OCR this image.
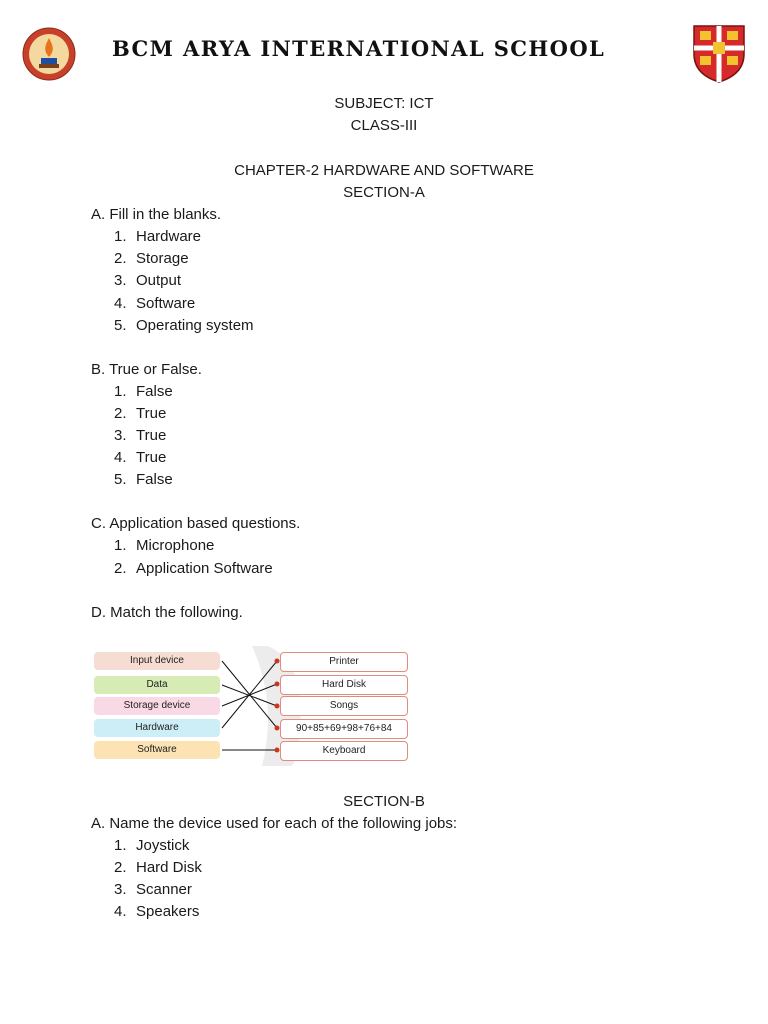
BCM ARYA INTERNATIONAL SCHOOL
SUBJECT: ICT
CLASS-III
CHAPTER-2 HARDWARE AND SOFTWARE
SECTION-A
A. Fill in the blanks.
1. Hardware
2. Storage
3. Output
4. Software
5. Operating system
B. True or False.
1. False
2. True
3. True
4. True
5. False
C. Application based questions.
1. Microphone
2. Application Software
D. Match the following.
Input device
Data
Storage device
Hardware
Software
Printer
Hard Disk
Songs
90+85+69+98+76+84
Keyboard
SECTION-B
A. Name the device used for each of the following jobs:
1. Joystick
2. Hard Disk
3. Scanner
4. Speakers
